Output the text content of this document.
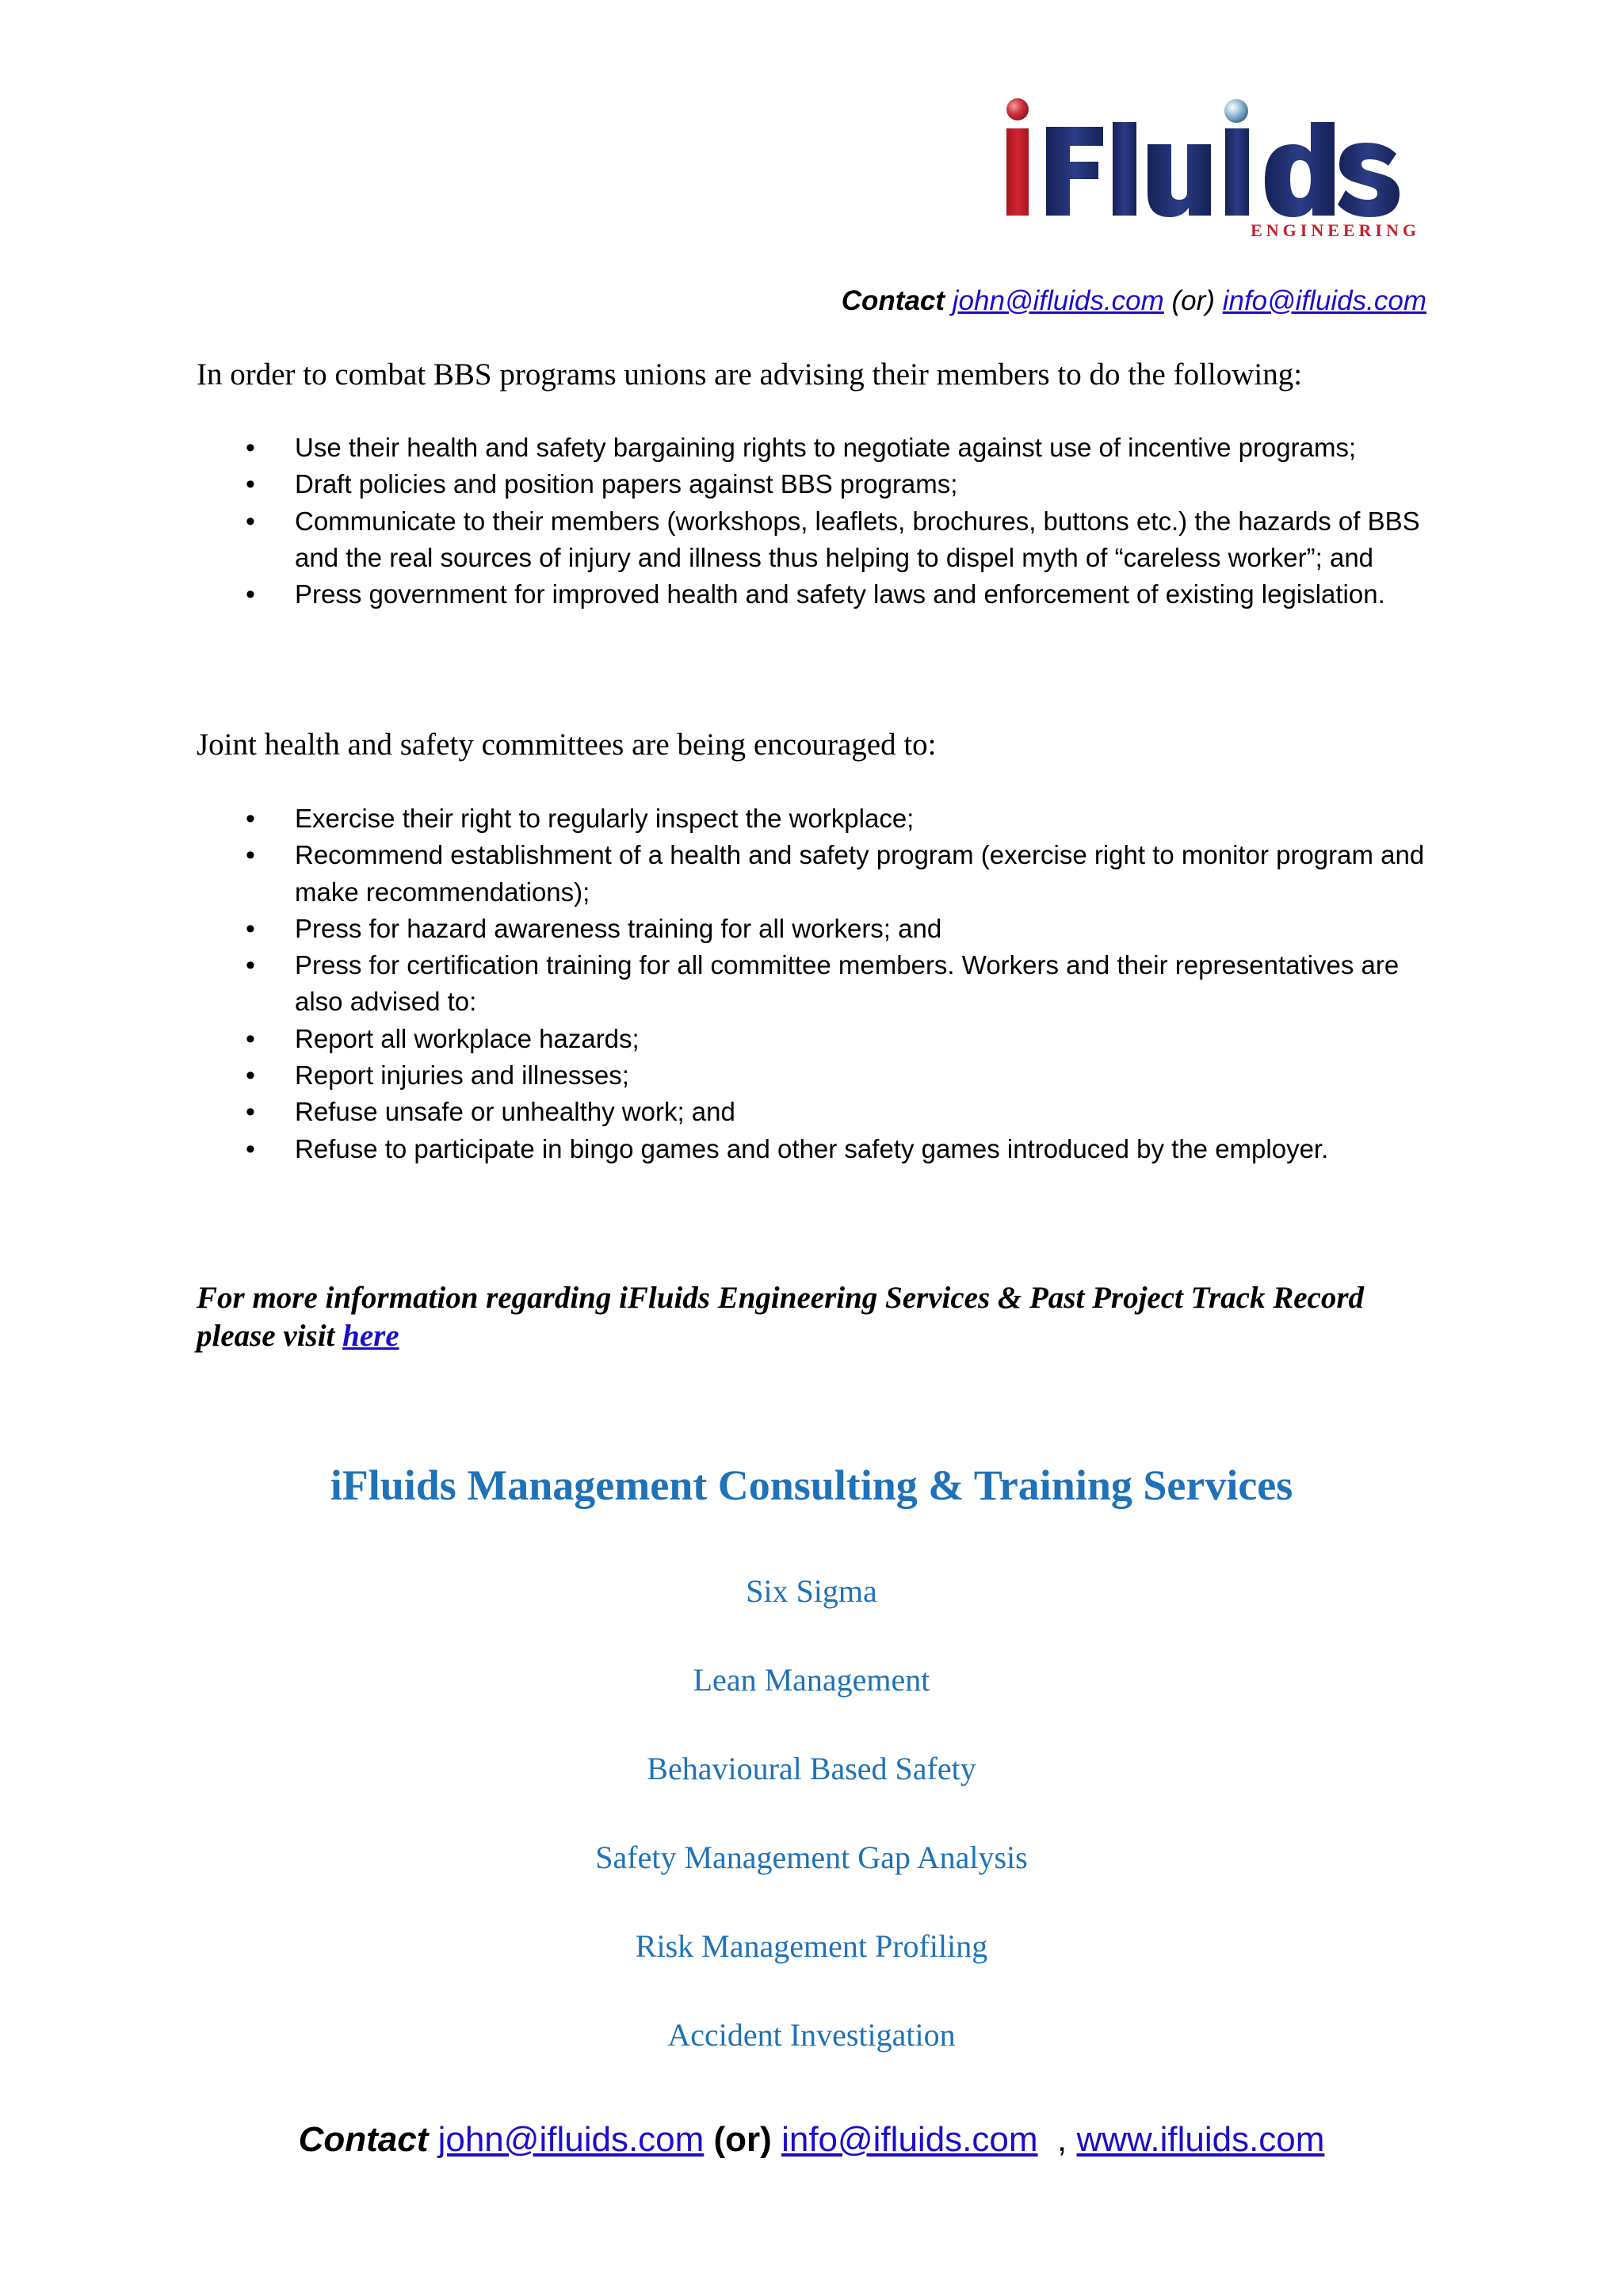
ENGINEERING
Contact john@ifluids.com (or) info@ifluids.com
In order to combat BBS programs unions are advising their members to do the following:
• Use their health and safety bargaining rights to negotiate against use of incentive programs;
• Draft policies and position papers against BBS programs;
• Communicate to their members (workshops, leaflets, brochures, buttons etc.) the hazards of BBS and the real sources of injury and illness thus helping to dispel myth of “careless worker”; and
• Press government for improved health and safety laws and enforcement of existing legislation.
Joint health and safety committees are being encouraged to:
• Exercise their right to regularly inspect the workplace;
• Recommend establishment of a health and safety program (exercise right to monitor program and make recommendations);
• Press for hazard awareness training for all workers; and
• Press for certification training for all committee members. Workers and their representatives are also advised to:
• Report all workplace hazards;
• Report injuries and illnesses;
• Refuse unsafe or unhealthy work; and
• Refuse to participate in bingo games and other safety games introduced by the employer.
For more information regarding iFluids Engineering Services & Past Project Track Record please visit here
iFluids Management Consulting & Training Services
Six Sigma
Lean Management
Behavioural Based Safety
Safety Management Gap Analysis
Risk Management Profiling
Accident Investigation
Contact john@ifluids.com (or) info@ifluids.com , www.ifluids.com
